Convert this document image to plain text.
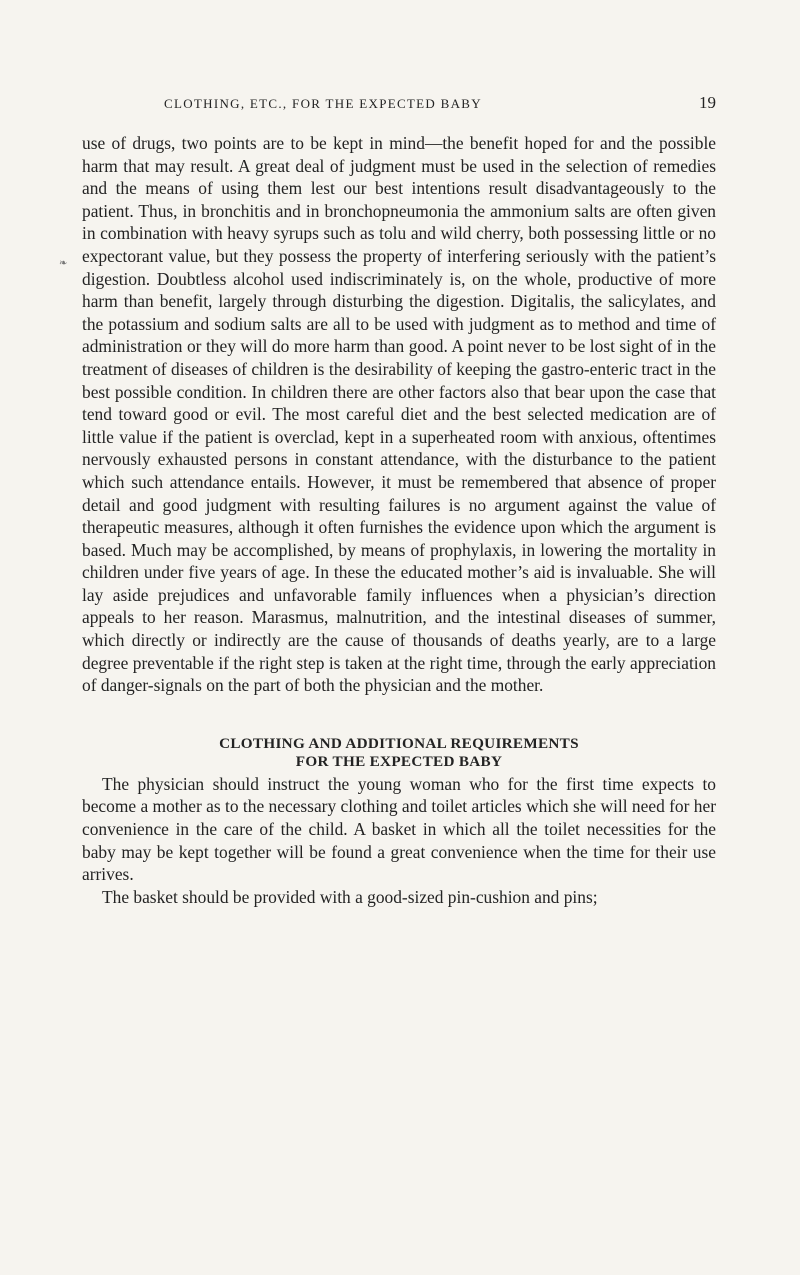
❧
CLOTHING, ETC., FOR THE EXPECTED BABY	19

use of drugs, two points are to be kept in mind—the benefit hoped for and the possible harm that may result. A great deal of judgment must be used in the selection of remedies and the means of using them lest our best intentions result disadvantageously to the patient. Thus, in bronchitis and in bronchopneumonia the ammonium salts are often given in combination with heavy syrups such as tolu and wild cherry, both possessing little or no expectorant value, but they possess the property of interfering seriously with the patient’s digestion. Doubtless alcohol used indiscriminately is, on the whole, productive of more harm than benefit, largely through disturbing the digestion. Digitalis, the salicylates, and the potassium and sodium salts are all to be used with judgment as to method and time of administration or they will do more harm than good. A point never to be lost sight of in the treatment of diseases of children is the desirability of keeping the gastro-enteric tract in the best possible condition. In children there are other factors also that bear upon the case that tend toward good or evil. The most careful diet and the best selected medication are of little value if the patient is overclad, kept in a superheated room with anxious, oftentimes nervously exhausted persons in constant attendance, with the disturbance to the patient which such attendance entails. However, it must be remembered that absence of proper detail and good judgment with resulting failures is no argument against the value of therapeutic measures, although it often furnishes the evidence upon which the argument is based. Much may be accomplished, by means of prophylaxis, in lowering the mortality in children under five years of age. In these the educated mother’s aid is invaluable. She will lay aside prejudices and unfavorable family influences when a physician’s direction appeals to her reason. Marasmus, malnutrition, and the intestinal diseases of summer, which directly or indirectly are the cause of thousands of deaths yearly, are to a large degree preventable if the right step is taken at the right time, through the early appreciation of danger-signals on the part of both the physician and the mother.

CLOTHING AND ADDITIONAL REQUIREMENTS
FOR THE EXPECTED BABY

The physician should instruct the young woman who for the first time expects to become a mother as to the necessary clothing and toilet articles which she will need for her convenience in the care of the child. A basket in which all the toilet necessities for the baby may be kept together will be found a great convenience when the time for their use arrives.

The basket should be provided with a good-sized pin-cushion and pins;
